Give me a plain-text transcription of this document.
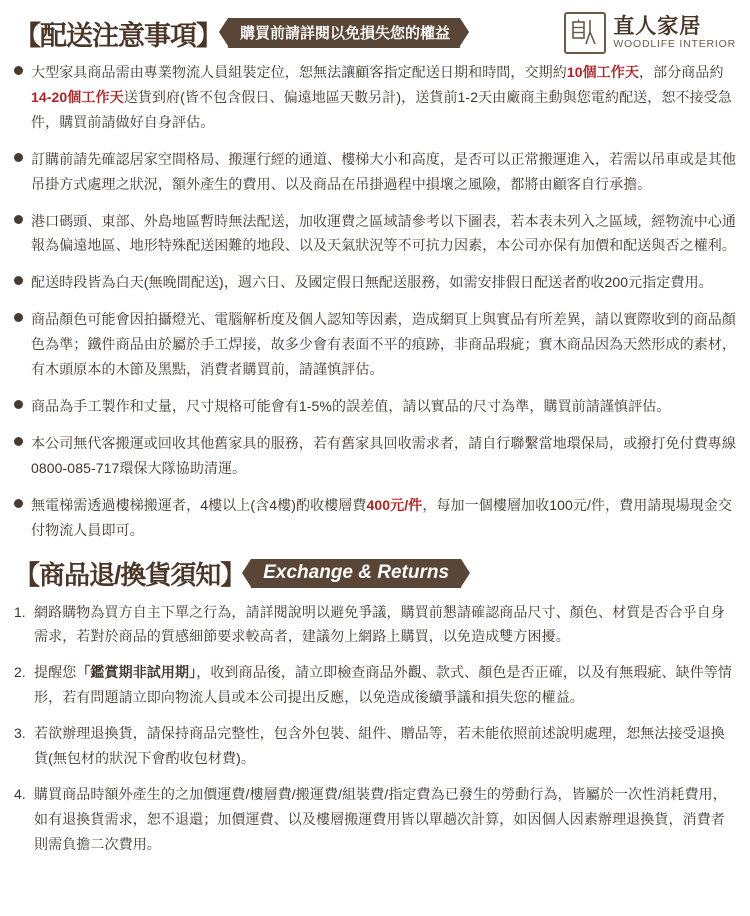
【配送注意事項】	購買前請詳閱以免損失您的權益	直人家居
WOODLIFE INTERIOR
大型家具商品需由專業物流人員組裝定位，恕無法讓顧客指定配送日期和時間，交期約10個工作天，部分商品約14-20個工作天送貨到府(皆不包含假日、偏遠地區天數另計)，送貨前1-2天由廠商主動與您電約配送，恕不接受急件，購買前請做好自身評估。
訂購前請先確認居家空間格局、搬運行經的通道、樓梯大小和高度，是否可以正常搬運進入，若需以吊車或是其他吊掛方式處理之狀況，額外產生的費用、以及商品在吊掛過程中損壞之風險，都將由顧客自行承擔。
港口碼頭、東部、外島地區暫時無法配送，加收運費之區域請參考以下圖表，若本表未列入之區域，經物流中心通報為偏遠地區、地形特殊配送困難的地段、以及天氣狀況等不可抗力因素，本公司亦保有加價和配送與否之權利。
配送時段皆為白天(無晚間配送)，週六日、及國定假日無配送服務，如需安排假日配送者酌收200元指定費用。
商品顏色可能會因拍攝燈光、電腦解析度及個人認知等因素，造成網頁上與實品有所差異，請以實際收到的商品顏色為準；鐵件商品由於屬於手工焊接，故多少會有表面不平的痕跡，非商品瑕疵；實木商品因為天然形成的素材，有木頭原本的木節及黑點，消費者購買前，請謹慎評估。
商品為手工製作和丈量，尺寸規格可能會有1-5%的誤差值，請以實品的尺寸為準，購買前請謹慎評估。
本公司無代客搬運或回收其他舊家具的服務，若有舊家具回收需求者，請自行聯繫當地環保局，或撥打免付費專線0800-085-717環保大隊協助清運。
無電梯需透過樓梯搬運者，4樓以上(含4樓)酌收樓層費400元/件，每加一個樓層加收100元/件，費用請現場現金交付物流人員即可。
【商品退/換貨須知】 Exchange & Returns
1. 網路購物為買方自主下單之行為，請詳閱說明以避免爭議，購買前懇請確認商品尺寸、顏色、材質是否合乎自身需求，若對於商品的質感細節要求較高者，建議勿上網路上購買，以免造成雙方困擾。
2. 提醒您「鑑賞期非試用期」，收到商品後，請立即檢查商品外觀、款式、顏色是否正確，以及有無瑕疵、缺件等情形，若有問題請立即向物流人員或本公司提出反應，以免造成後續爭議和損失您的權益。
3. 若欲辦理退換貨，請保持商品完整性，包含外包裝、組件、贈品等，若未能依照前述說明處理，恕無法接受退換貨(無包材的狀況下會酌收包材費)。
4. 購買商品時額外產生的之加價運費/樓層費/搬運費/組裝費/指定費為已發生的勞動行為，皆屬於一次性消耗費用，如有退換貨需求，恕不退還；加價運費、以及樓層搬運費用皆以單趟次計算，如因個人因素辦理退換貨，消費者則需負擔二次費用。
